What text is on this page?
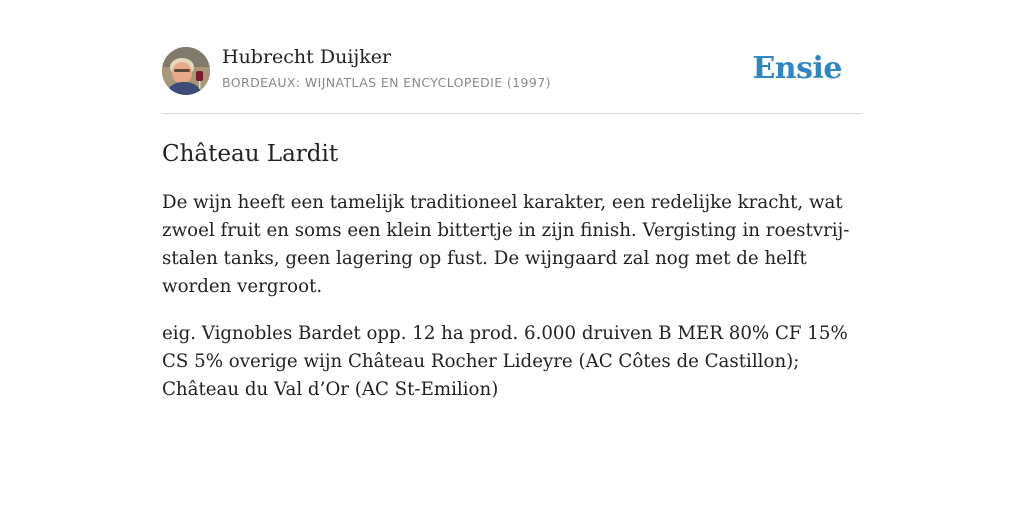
Hubrecht Duijker
BORDEAUX: WIJNATLAS EN ENCYCLOPEDIE (1997)	Ensie
Château Lardit

De wijn heeft een tamelijk traditioneel karakter, een redelijke kracht, wat zwoel fruit en soms een klein bittertje in zijn finish. Vergisting in roestvrij-stalen tanks, geen lagering op fust. De wijngaard zal nog met de helft worden vergroot.

eig. Vignobles Bardet opp. 12 ha prod. 6.000 druiven B MER 80% CF 15% CS 5% overige wijn Château Rocher Lideyre (AC Côtes de Castillon); Château du Val d’Or (AC St-Emilion)
